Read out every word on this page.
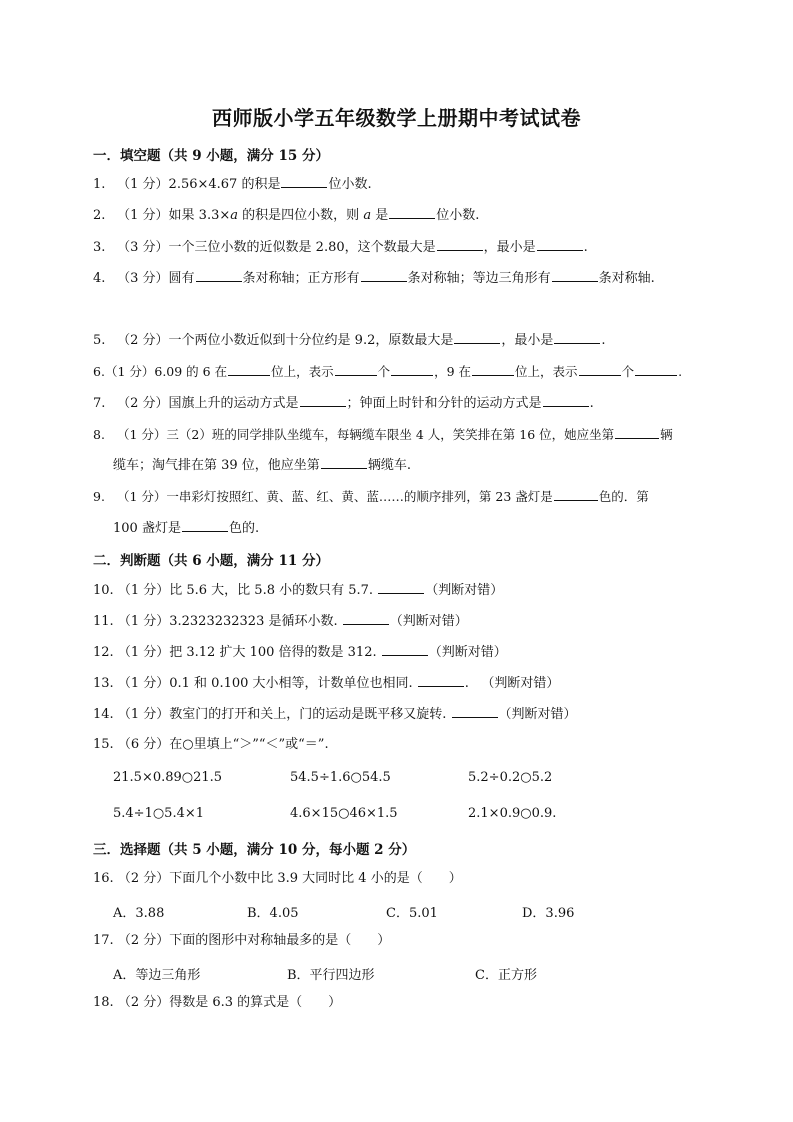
西师版小学五年级数学上册期中考试试卷
一．填空题（共 9 小题，满分 15 分）
1. （1 分）2.56×4.67 的积是	位小数.
2. （1 分）如果 3.3×a 的积是四位小数，则 a 是	位小数.
3. （3 分）一个三位小数的近似数是 2.80，这个数最大是	，最小是	.
4. （3 分）圆有	条对称轴；正方形有	条对称轴；等边三角形有	条对称轴.
5. （2 分）一个两位小数近似到十分位约是 9.2，原数最大是	，最小是	.
6.（1 分）6.09 的 6 在	位上，表示	个	，9 在	位上，表示	个	.
7. （2 分）国旗上升的运动方式是	；钟面上时针和分针的运动方式是	.
8. （1 分）三（2）班的同学排队坐缆车，每辆缆车限坐 4 人，笑笑排在第 16 位，她应坐第	辆
缆车；淘气排在第 39 位，他应坐第	辆缆车.
9. （1 分）一串彩灯按照红、黄、蓝、红、黄、蓝……的顺序排列，第 23 盏灯是	色的．第
100 盏灯是	色的.
二．判断题（共 6 小题，满分 11 分）
10. （1 分）比 5.6 大，比 5.8 小的数只有 5.7.	（判断对错）
11. （1 分）3.2323232323 是循环小数.	（判断对错）
12. （1 分）把 3.12 扩大 100 倍得的数是 312.	（判断对错）
13. （1 分）0.1 和 0.100 大小相等，计数单位也相同.	. （判断对错）
14. （1 分）教室门的打开和关上，门的运动是既平移又旋转.	（判断对错）
15. （6 分）在○里填上“＞”“＜”或“＝”.
21.5×0.89○21.5	54.5÷1.6○54.5	5.2÷0.2○5.2
5.4÷1○5.4×1	4.6×15○46×1.5	2.1×0.9○0.9.
三．选择题（共 5 小题，满分 10 分，每小题 2 分）
16. （2 分）下面几个小数中比 3.9 大同时比 4 小的是（　　）
A．3.88	B．4.05	C．5.01	D．3.96
17. （2 分）下面的图形中对称轴最多的是（　　）
A．等边三角形	B．平行四边形	C．正方形
18. （2 分）得数是 6.3 的算式是（　　）
